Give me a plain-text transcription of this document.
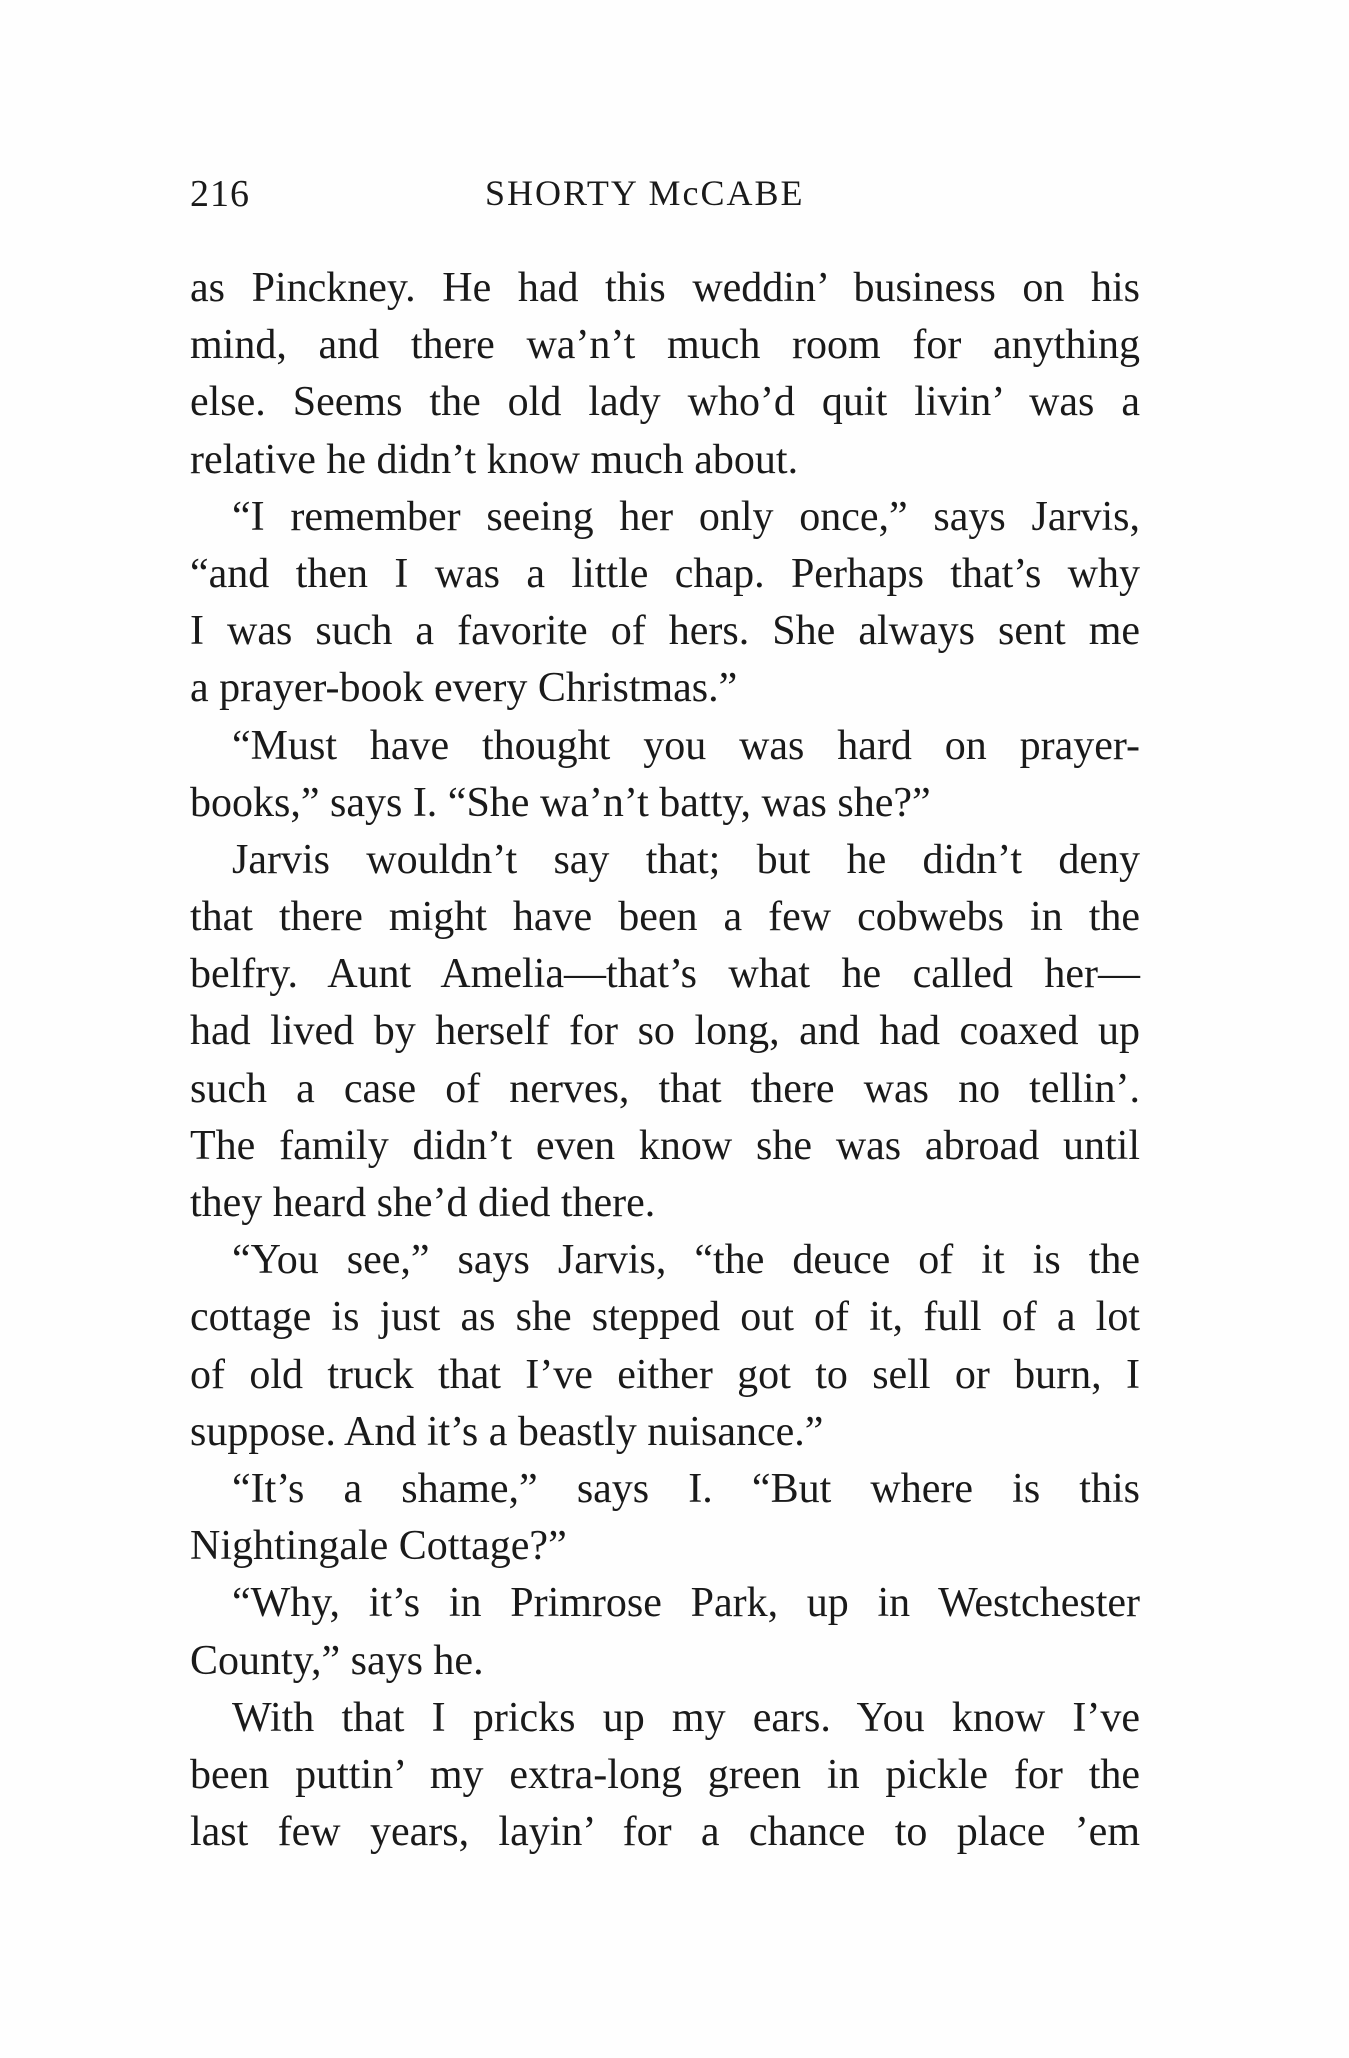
216	SHORTY McCABE
as Pinckney. He had this weddin’ business on his
mind, and there wa’n’t much room for anything
else. Seems the old lady who’d quit livin’ was a
relative he didn’t know much about.
“I remember seeing her only once,” says Jarvis,
“and then I was a little chap. Perhaps that’s why
I was such a favorite of hers. She always sent me
a prayer-book every Christmas.”
“Must have thought you was hard on prayer-
books,” says I. “She wa’n’t batty, was she?”
Jarvis wouldn’t say that; but he didn’t deny
that there might have been a few cobwebs in the
belfry. Aunt Amelia—that’s what he called her—
had lived by herself for so long, and had coaxed up
such a case of nerves, that there was no tellin’.
The family didn’t even know she was abroad until
they heard she’d died there.
“You see,” says Jarvis, “the deuce of it is the
cottage is just as she stepped out of it, full of a lot
of old truck that I’ve either got to sell or burn, I
suppose. And it’s a beastly nuisance.”
“It’s a shame,” says I. “But where is this
Nightingale Cottage?”
“Why, it’s in Primrose Park, up in Westchester
County,” says he.
With that I pricks up my ears. You know I’ve
been puttin’ my extra-long green in pickle for the
last few years, layin’ for a chance to place ’em
